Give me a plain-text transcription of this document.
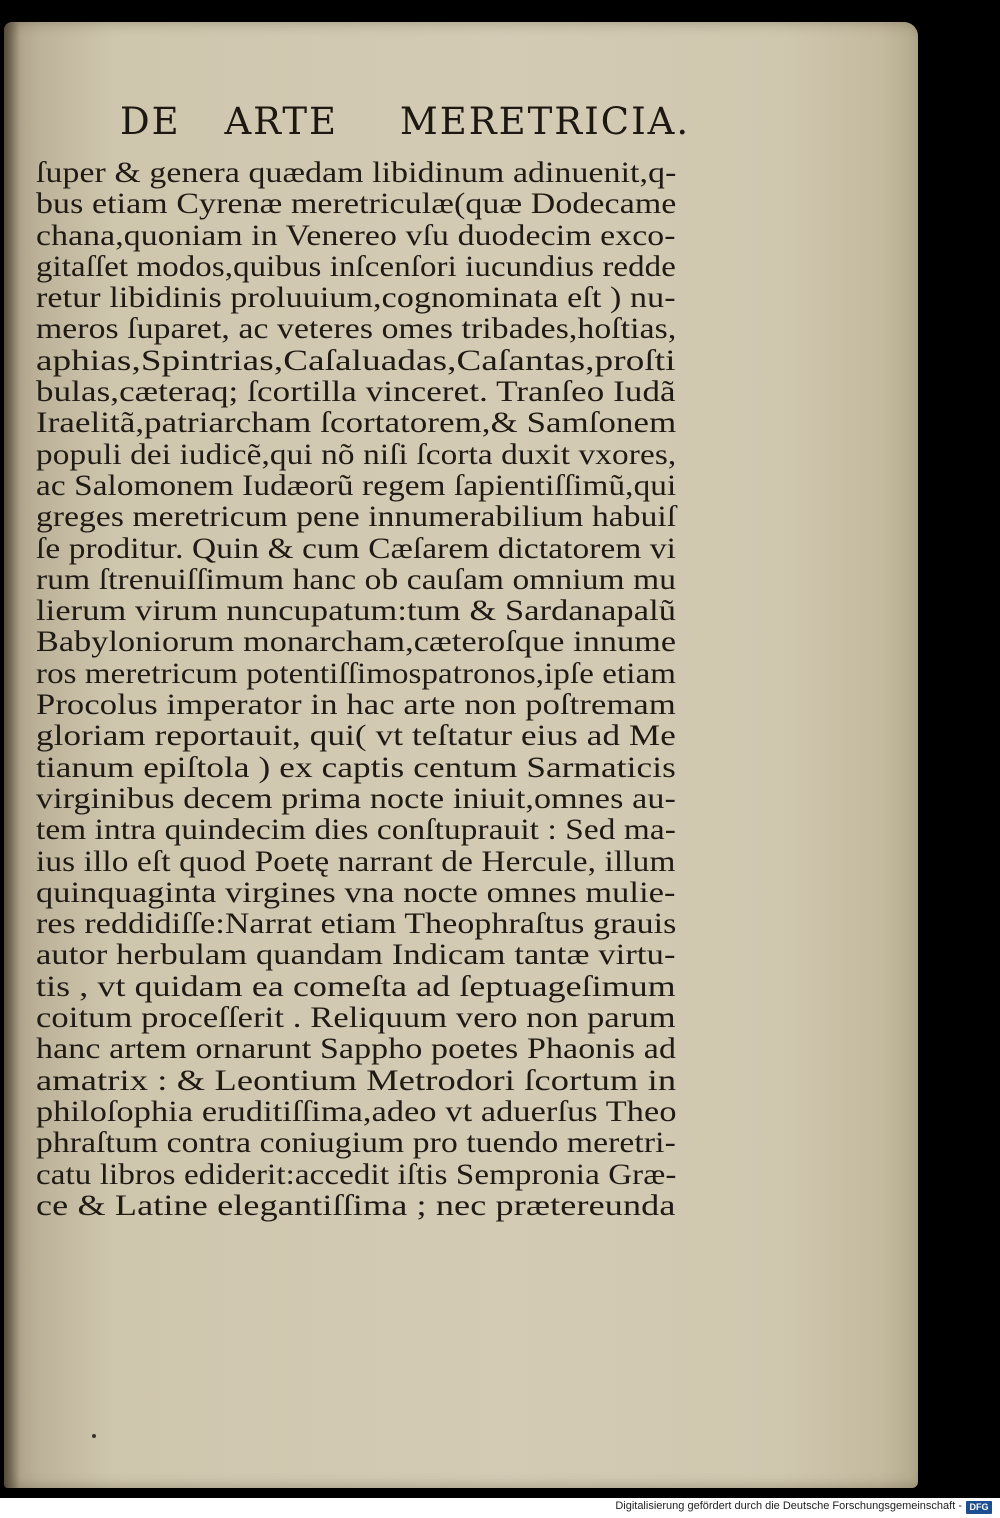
DE ARTE MERETRICIA.
ſuper & genera quædam libidinum adinuenit,q-
bus etiam Cyrenæ meretriculæ(quæ Dodecame
chana,quoniam in Venereo vſu duodecim exco-
gitaſſet modos,quibus inſcenſori iucundius redde
retur libidinis proluuium,cognominata eſt ) nu-
meros ſuparet, ac veteres omes tribades,hoſtias,
aphias,Spintrias,Caſaluadas,Caſantas,proſti
bulas,cæteraq; ſcortilla vinceret. Tranſeo Iudã
Iraelitã,patriarcham ſcortatorem,& Samſonem
populi dei iudicẽ,qui nõ niſi ſcorta duxit vxores,
ac Salomonem Iudæorũ regem ſapientiſſimũ,qui
greges meretricum pene innumerabilium habuiſ
ſe proditur. Quin & cum Cæſarem dictatorem vi
rum ſtrenuiſſimum hanc ob cauſam omnium mu
lierum virum nuncupatum:tum & Sardanapalũ
Babyloniorum monarcham,cæteroſque innume
ros meretricum potentiſſimospatronos,ipſe etiam
Procolus imperator in hac arte non poſtremam
gloriam reportauit, qui( vt teſtatur eius ad Me
tianum epiſtola ) ex captis centum Sarmaticis
virginibus decem prima nocte iniuit,omnes au-
tem intra quindecim dies conſtuprauit : Sed ma-
ius illo eſt quod Poetę narrant de Hercule, illum
quinquaginta virgines vna nocte omnes mulie-
res reddidiſſe:Narrat etiam Theophraſtus grauis
autor herbulam quandam Indicam tantæ virtu-
tis , vt quidam ea comeſta ad ſeptuageſimum
coitum proceſſerit . Reliquum vero non parum
hanc artem ornarunt Sappho poetes Phaonis ad
amatrix : & Leontium Metrodori ſcortum in
philoſophia eruditiſſima,adeo vt aduerſus Theo
phraſtum contra coniugium pro tuendo meretri-
catu libros ediderit:accedit iſtis Sempronia Græ-
ce & Latine elegantiſſima ; nec prætereunda
Digitalisierung gefördert durch die Deutsche Forschungsgemeinschaft - DFG
